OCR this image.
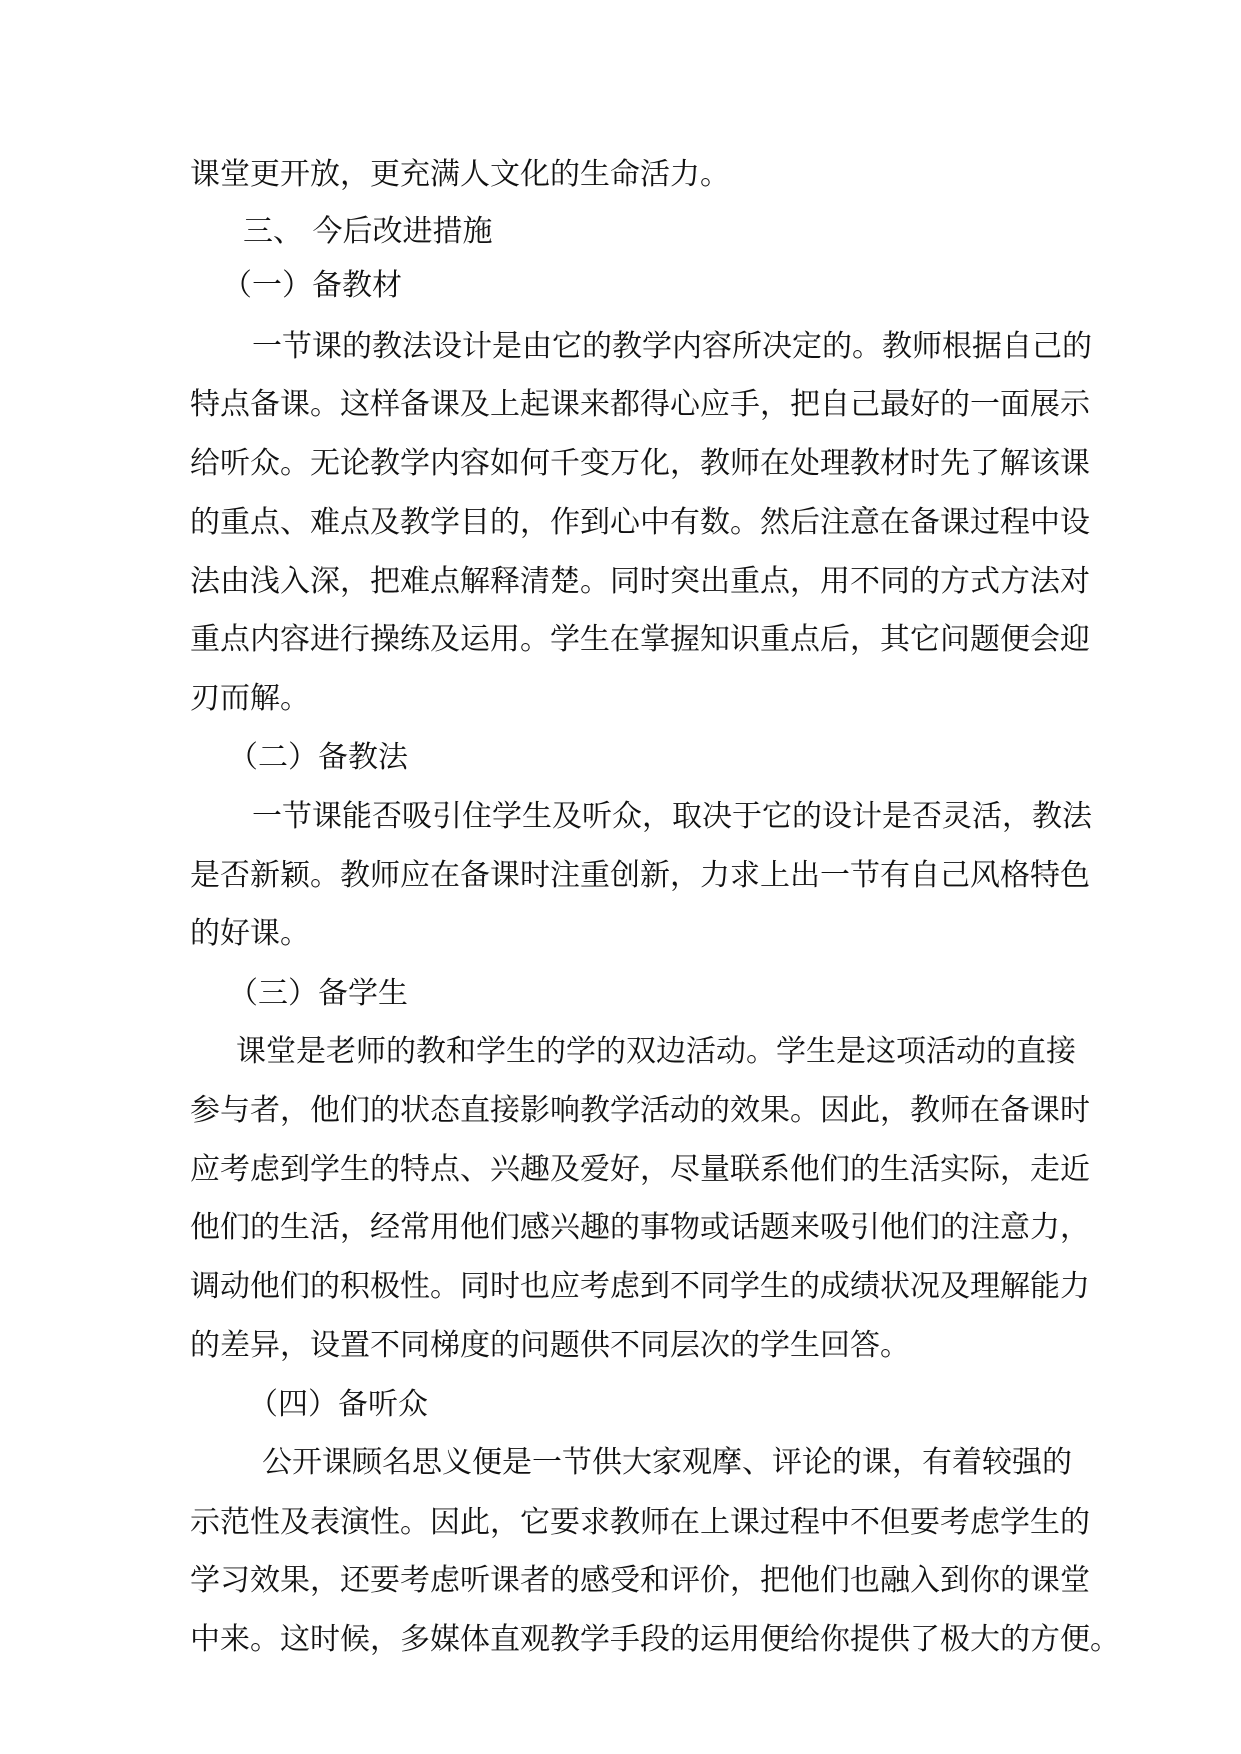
课堂更开放，更充满人文化的生命活力。
三、 今后改进措施
（一）备教材
一节课的教法设计是由它的教学内容所决定的。教师根据自己的
特点备课。这样备课及上起课来都得心应手，把自己最好的一面展示
给听众。无论教学内容如何千变万化，教师在处理教材时先了解该课
的重点、难点及教学目的，作到心中有数。然后注意在备课过程中设
法由浅入深，把难点解释清楚。同时突出重点，用不同的方式方法对
重点内容进行操练及运用。学生在掌握知识重点后，其它问题便会迎
刃而解。
（二）备教法
一节课能否吸引住学生及听众，取决于它的设计是否灵活，教法
是否新颖。教师应在备课时注重创新，力求上出一节有自己风格特色
的好课。
（三）备学生
课堂是老师的教和学生的学的双边活动。学生是这项活动的直接
参与者，他们的状态直接影响教学活动的效果。因此，教师在备课时
应考虑到学生的特点、兴趣及爱好，尽量联系他们的生活实际，走近
他们的生活，经常用他们感兴趣的事物或话题来吸引他们的注意力，
调动他们的积极性。同时也应考虑到不同学生的成绩状况及理解能力
的差异，设置不同梯度的问题供不同层次的学生回答。
（四）备听众
公开课顾名思义便是一节供大家观摩、评论的课，有着较强的
示范性及表演性。因此，它要求教师在上课过程中不但要考虑学生的
学习效果，还要考虑听课者的感受和评价，把他们也融入到你的课堂
中来。这时候，多媒体直观教学手段的运用便给你提供了极大的方便。
